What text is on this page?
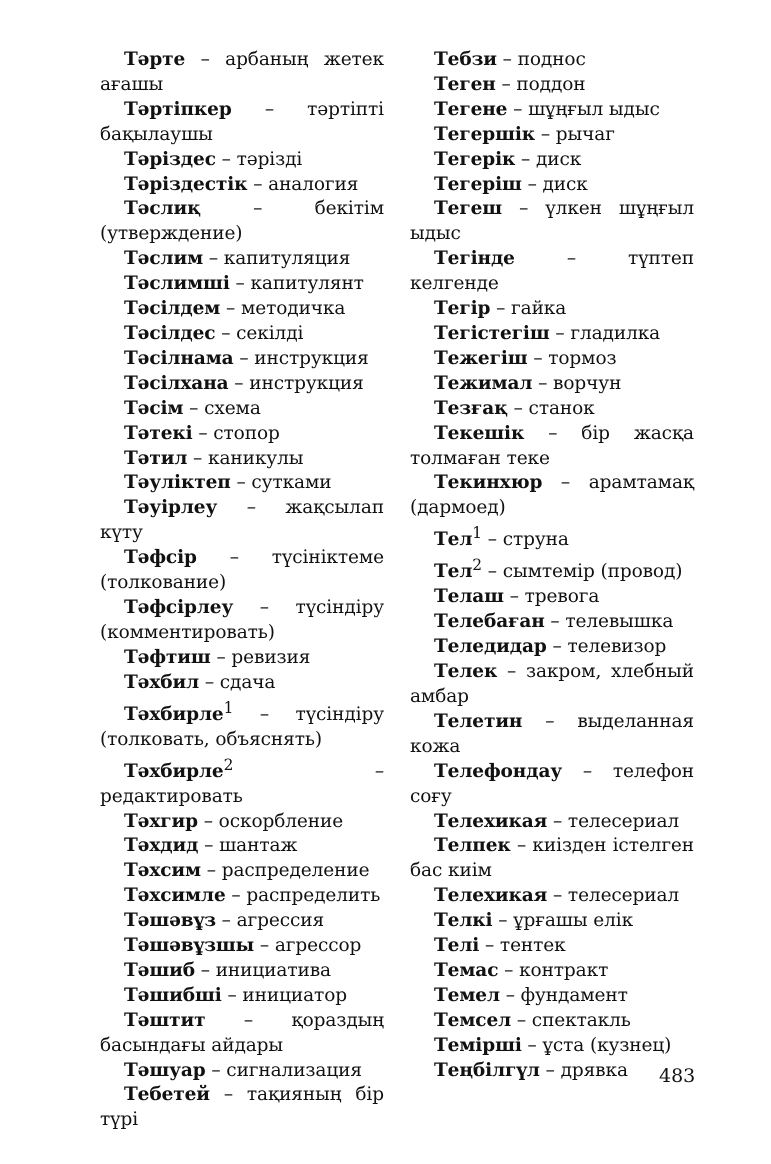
Тәрте – арбаның жетек ағашы

Тәртіпкер – тәртіпті бақылаушы

Тәріздес – тәрізді

Тәріздестік – аналогия

Тәслиқ – бекітім (утверждение)

Тәслим – капитуляция

Тәслимші – капитулянт

Тәсілдем – методичка

Тәсілдес – секілді

Тәсілнама – инструкция

Тәсілхана – инструкция

Тәсім – схема

Тәтекі – стопор

Тәтил – каникулы

Тәуліктеп – сутками

Тәуірлеу – жақсылап күту

Тәфсір – түсініктеме (толкование)

Тәфсірлеу – түсіндіру (комментировать)

Тәфтиш – ревизия

Тәхбил – сдача

Тәхбирле$^1$ – түсіндіру (толковать, объяснять)

Тәхбирле$^2$ – редактировать

Тәхгир – оскорбление

Тәхдид – шантаж

Тәхсим – распределение

Тәхсимле – распределить

Тәшәвұз – агрессия

Тәшәвұзшы – агрессор

Тәшиб – инициатива

Тәшибші – инициатор

Тәштит – қораздың басындағы айдары

Тәшуар – сигнализация

Тебетей – тақияның бір түрі

Тебзи – поднос

Теген – поддон

Тегене – шұңғыл ыдыс

Тегершік – рычаг

Тегерік – диск

Тегеріш – диск

Тегеш – үлкен шұңғыл ыдыс

Тегінде – түптеп келгенде

Тегір – гайка

Тегістегіш – гладилка

Тежегіш – тормоз

Тежимал – ворчун

Тезғақ – станок

Текешік – бір жасқа толмаған теке

Текинхюр – арамтамақ (дармоед)

Тел$^1$ – струна

Тел$^2$ – сымтемір (провод)

Телаш – тревога

Телебаған – телевышка

Теледидар – телевизор

Телек – закром, хлебный амбар

Телетин – выделанная кожа

Телефондау – телефон соғу

Телехикая – телесериал

Телпек – киізден істелген бас киім

Телехикая – телесериал

Телкі – ұрғашы елік

Телі – тентек

Темас – контракт

Темел – фундамент

Темсел – спектакль

Темірші – ұста (кузнец)

Теңбілгүл – дрявка	483
